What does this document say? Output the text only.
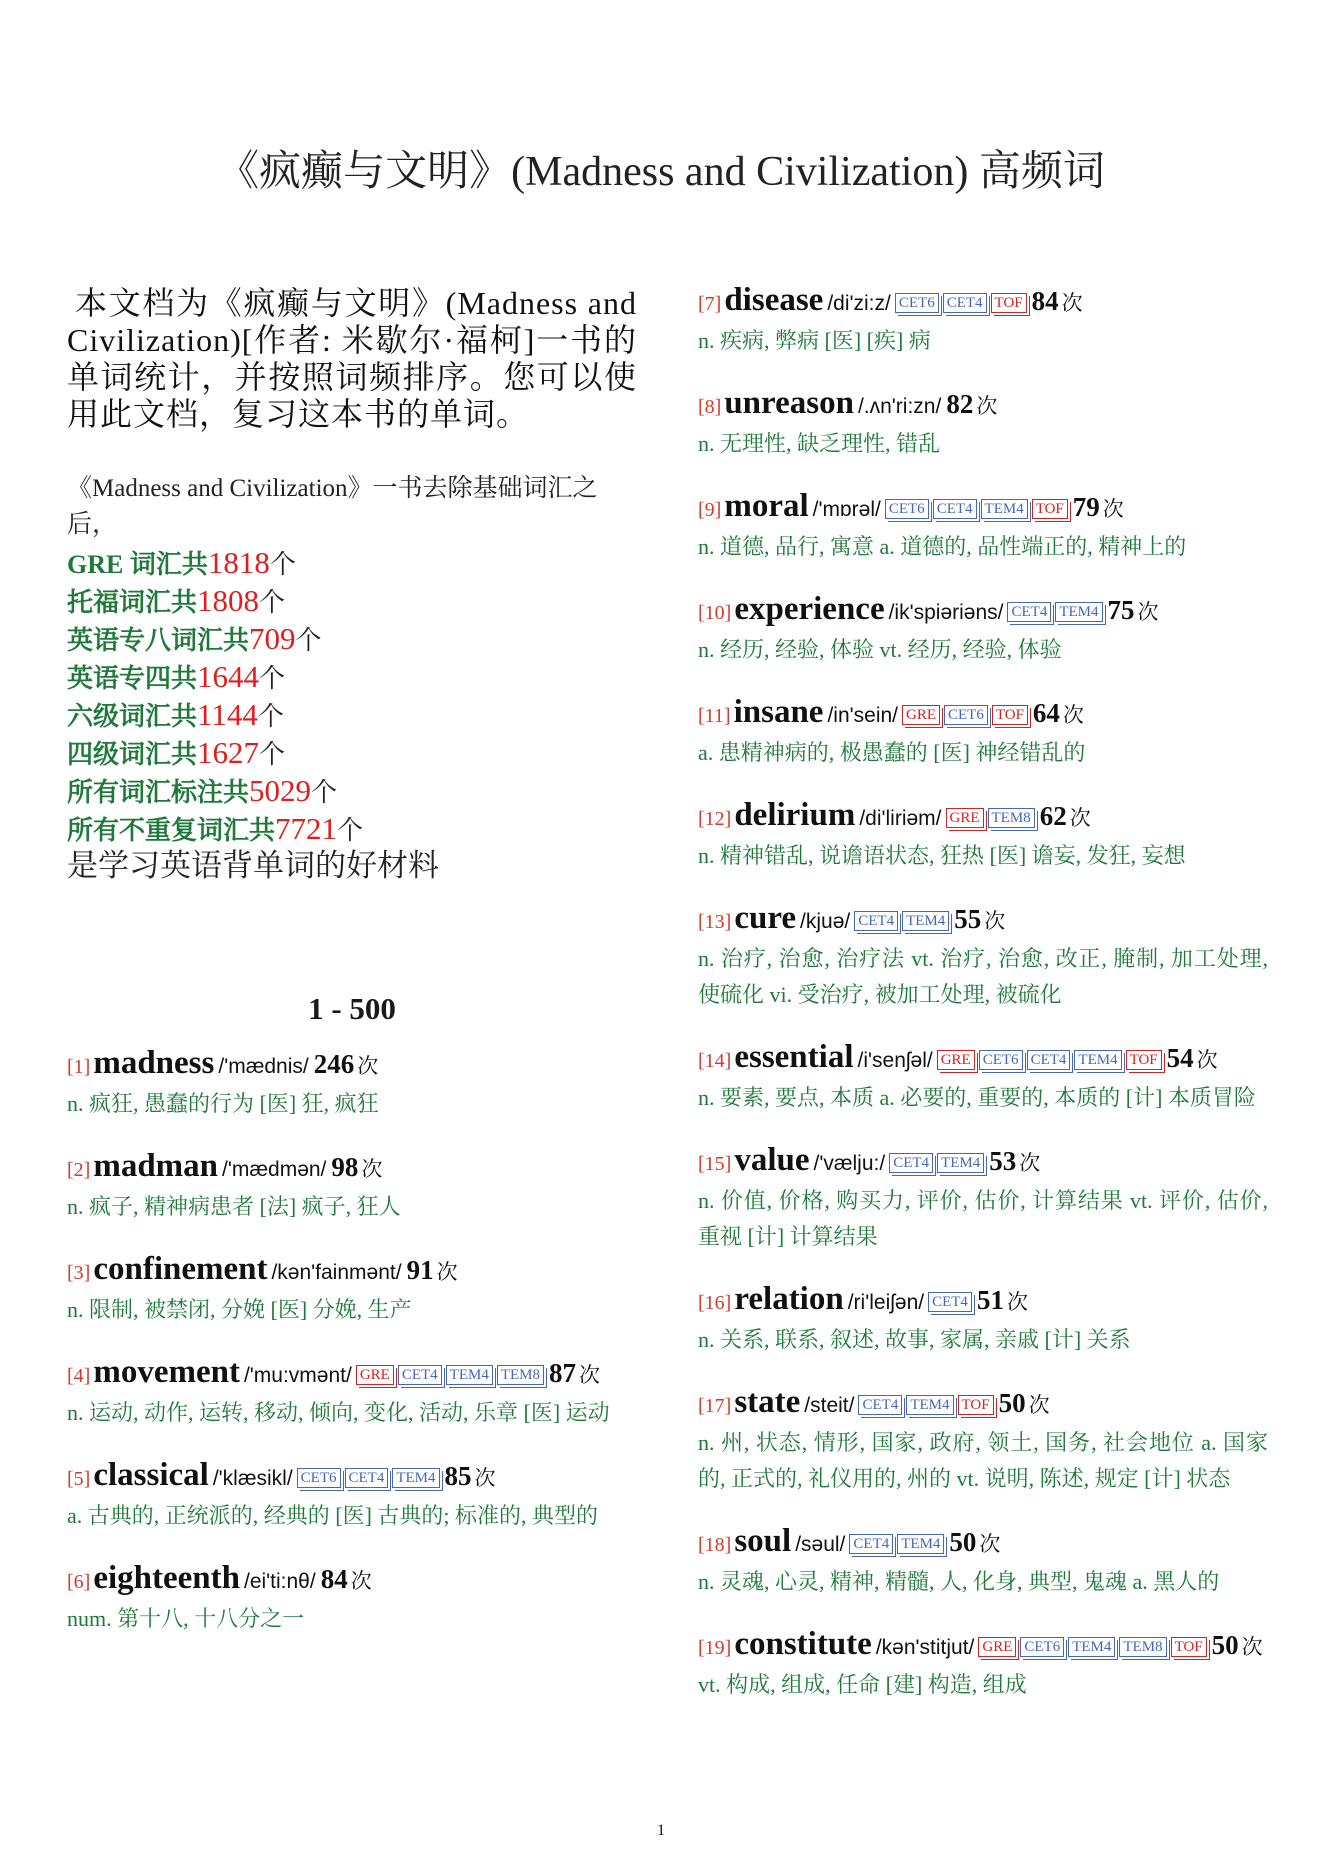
《疯癫与文明》(Madness and Civilization) 高频词
本文档为《疯癫与文明》(Madness and Civilization)[作者: 米歇尔·福柯]一书的单词统计，并按照词频排序。您可以使用此文档，复习这本书的单词。
《Madness and Civilization》一书去除基础词汇之后，
GRE 词汇共1818个
托福词汇共1808个
英语专八词汇共709个
英语专四共1644个
六级词汇共1144个
四级词汇共1627个
所有词汇标注共5029个
所有不重复词汇共7721个
是学习英语背单词的好材料
1 - 500
[1]madness /'mædnis/ 246 次
n. 疯狂, 愚蠢的行为 [医] 狂, 疯狂
[2]madman /'mædmən/ 98 次
n. 疯子, 精神病患者 [法] 疯子, 狂人
[3]confinement /kən'fainmənt/ 91 次
n. 限制, 被禁闭, 分娩 [医] 分娩, 生产
[4]movement /'mu:vmənt/ GRE CET4 TEM4 TEM8 87 次
n. 运动, 动作, 运转, 移动, 倾向, 变化, 活动, 乐章 [医] 运动
[5]classical /'klæsikl/ CET6 CET4 TEM4 85 次
a. 古典的, 正统派的, 经典的 [医] 古典的; 标准的, 典型的
[6]eighteenth /ei'ti:nθ/ 84 次
num. 第十八, 十八分之一
[7]disease /di'zi:z/ CET6 CET4 TOF 84 次
n. 疾病, 弊病 [医] [疾] 病
[8]unreason /.ʌn'ri:zn/ 82 次
n. 无理性, 缺乏理性, 错乱
[9]moral /'mɒrəl/ CET6 CET4 TEM4 TOF 79 次
n. 道德, 品行, 寓意 a. 道德的, 品性端正的, 精神上的
[10]experience /ik'spiəriəns/ CET4 TEM4 75 次
n. 经历, 经验, 体验 vt. 经历, 经验, 体验
[11]insane /in'sein/ GRE CET6 TOF 64 次
a. 患精神病的, 极愚蠢的 [医] 神经错乱的
[12]delirium /di'liriəm/ GRE TEM8 62 次
n. 精神错乱, 说谵语状态, 狂热 [医] 谵妄, 发狂, 妄想
[13]cure /kjuə/ CET4 TEM4 55 次
n. 治疗, 治愈, 治疗法 vt. 治疗, 治愈, 改正, 腌制, 加工处理, 使硫化 vi. 受治疗, 被加工处理, 被硫化
[14]essential /i'senʃəl/ GRE CET6 CET4 TEM4 TOF 54 次
n. 要素, 要点, 本质 a. 必要的, 重要的, 本质的 [计] 本质冒险
[15]value /'vælju:/ CET4 TEM4 53 次
n. 价值, 价格, 购买力, 评价, 估价, 计算结果 vt. 评价, 估价, 重视 [计] 计算结果
[16]relation /ri'leiʃən/ CET4 51 次
n. 关系, 联系, 叙述, 故事, 家属, 亲戚 [计] 关系
[17]state /steit/ CET4 TEM4 TOF 50 次
n. 州, 状态, 情形, 国家, 政府, 领土, 国务, 社会地位 a. 国家的, 正式的, 礼仪用的, 州的 vt. 说明, 陈述, 规定 [计] 状态
[18]soul /səul/ CET4 TEM4 50 次
n. 灵魂, 心灵, 精神, 精髓, 人, 化身, 典型, 鬼魂 a. 黑人的
[19]constitute /kən'stitjut/ GRE CET6 TEM4 TEM8 TOF 50 次
vt. 构成, 组成, 任命 [建] 构造, 组成
1
